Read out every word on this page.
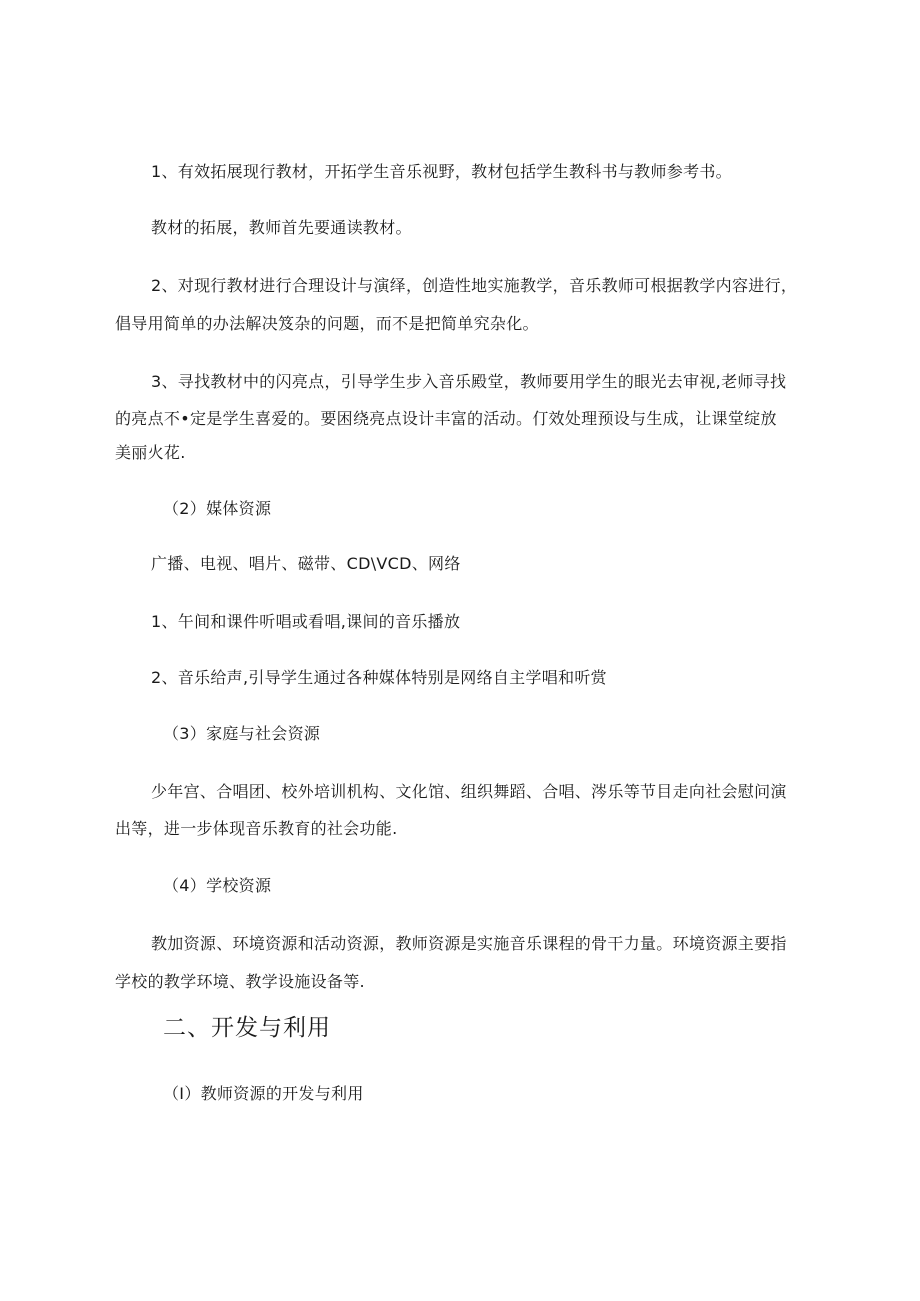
1、有效拓展现行教材，开拓学生音乐视野，教材包括学生教科书与教师参考书。
教材的拓展，教师首先要通读教材。
2、对现行教材进行合理设计与演绎，创造性地实施教学，音乐教师可根据教学内容进行，
倡导用简单的办法解决笈杂的问题，而不是把简单究杂化。
3、寻找教材中的闪亮点，引导学生步入音乐殿堂，教师要用学生的眼光去审视,老师寻找
的亮点不•定是学生喜爱的。要困绕亮点设计丰富的活动。仃效处理预设与生成，让课堂绽放
美丽火花.
（2）媒体资源
广播、电视、唱片、磁带、CD\VCD、网络
1、午间和课件听唱或看唱,课间的音乐播放
2、音乐给声,引导学生通过各种媒体特别是网络自主学唱和听赏
（3）家庭与社会资源
少年宫、合唱团、校外培训机构、文化馆、组织舞蹈、合唱、涔乐等节目走向社会慰问演
出等，进一步体现音乐教育的社会功能.
（4）学校资源
教加资源、环境资源和活动资源，教师资源是实施音乐课程的骨干力量。环境资源主要指
学校的教学环境、教学设施设备等.
二、开发与利用
（I）教师资源的开发与利用
